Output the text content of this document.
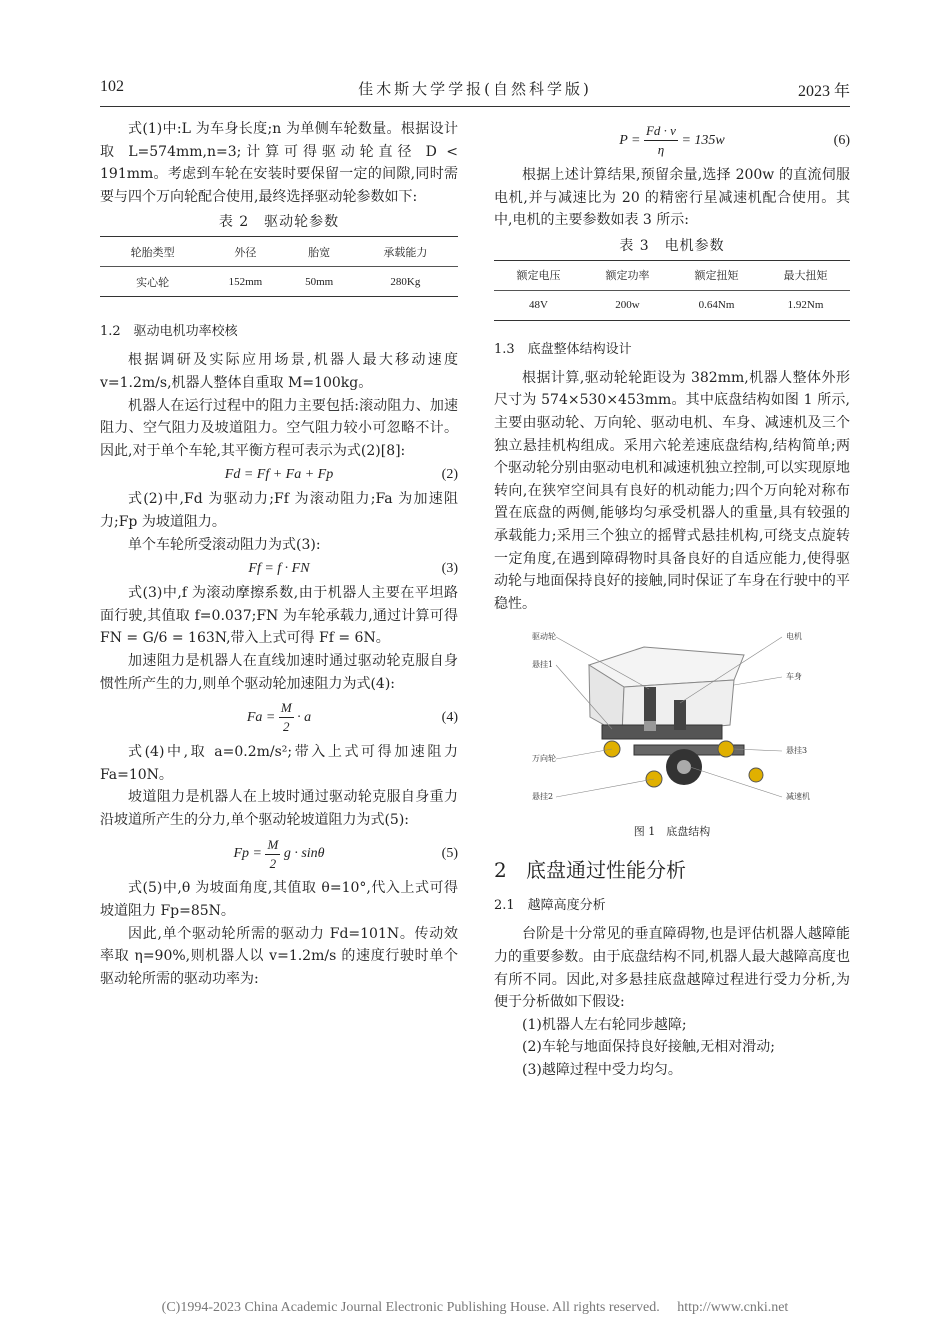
102	佳木斯大学学报(自然科学版)	2023 年

式(1)中:L 为车身长度;n 为单侧车轮数量。根据设计取 L=574mm,n=3;计算可得驱动轮直径 D < 191mm。考虑到车轮在安装时要保留一定的间隙,同时需要与四个万向轮配合使用,最终选择驱动轮参数如下:

表 2　驱动轮参数
轮胎类型	外径	胎宽	承载能力
实心轮	152mm	50mm	280Kg
1.2　驱动电机功率校核

根据调研及实际应用场景,机器人最大移动速度 v=1.2m/s,机器人整体自重取 M=100kg。

机器人在运行过程中的阻力主要包括:滚动阻力、加速阻力、空气阻力及坡道阻力。空气阻力较小可忽略不计。因此,对于单个车轮,其平衡方程可表示为式(2)[8]:

Fd = Ff + Fa + Fp	(2)

式(2)中,Fd 为驱动力;Ff 为滚动阻力;Fa 为加速阻力;Fp 为坡道阻力。

单个车轮所受滚动阻力为式(3):

Ff = f · FN	(3)

式(3)中,f 为滚动摩擦系数,由于机器人主要在平坦路面行驶,其值取 f=0.037;FN 为车轮承载力,通过计算可得 FN = G/6 = 163N,带入上式可得 Ff = 6N。

加速阻力是机器人在直线加速时通过驱动轮克服自身惯性所产生的力,则单个驱动轮加速阻力为式(4):

$Fa = \frac{M}{2} \cdot a$	(4)

式(4)中,取 a=0.2m/s²;带入上式可得加速阻力 Fa=10N。

坡道阻力是机器人在上坡时通过驱动轮克服自身重力沿坡道所产生的分力,单个驱动轮坡道阻力为式(5):

$Fp = \frac{M}{2}$ g · sinθ	(5)

式(5)中,θ 为坡面角度,其值取 θ=10°,代入上式可得坡道阻力 Fp=85N。

因此,单个驱动轮所需的驱动力 Fd=101N。传动效率取 η=90%,则机器人以 v=1.2m/s 的速度行驶时单个驱动轮所需的驱动功率为:

$P = \frac{Fd \cdot v}{\eta} = 135w$	(6)

根据上述计算结果,预留余量,选择 200w 的直流伺服电机,并与减速比为 20 的精密行星减速机配合使用。其中,电机的主要参数如表 3 所示:

表 3　电机参数
额定电压	额定功率	额定扭矩	最大扭矩
48V	200w	0.64Nm	1.92Nm
1.3　底盘整体结构设计

根据计算,驱动轮轮距设为 382mm,机器人整体外形尺寸为 574×530×453mm。其中底盘结构如图 1 所示,主要由驱动轮、万向轮、驱动电机、车身、减速机及三个独立悬挂机构组成。采用六轮差速底盘结构,结构简单;两个驱动轮分别由驱动电机和减速机独立控制,可以实现原地转向,在狭窄空间具有良好的机动能力;四个万向轮对称布置在底盘的两侧,能够均匀承受机器人的重量,具有较强的承载能力;采用三个独立的摇臂式悬挂机构,可绕支点旋转一定角度,在遇到障碍物时具备良好的自适应能力,使得驱动轮与地面保持良好的接触,同时保证了车身在行驶中的平稳性。

驱动轮
悬挂1
万向轮
悬挂2
电机
车身
悬挂3
减速机
图 1　底盘结构
2 底盘通过性能分析
2.1　越障高度分析

台阶是十分常见的垂直障碍物,也是评估机器人越障能力的重要参数。由于底盘结构不同,机器人最大越障高度也有所不同。因此,对多悬挂底盘越障过程进行受力分析,为便于分析做如下假设:

(1)机器人左右轮同步越障;

(2)车轮与地面保持良好接触,无相对滑动;

(3)越障过程中受力均匀。

(C)1994-2023 China Academic Journal Electronic Publishing House. All rights reserved.　 http://www.cnki.net
